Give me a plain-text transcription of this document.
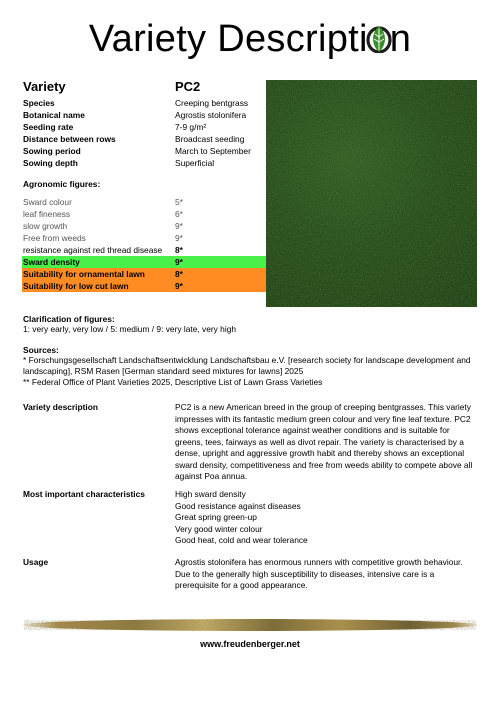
Variety Descripti n
Variety	PC2
Species	Creeping bentgrass
Botanical name	Agrostis stolonifera
Seeding rate	7-9 g/m²
Distance between rows	Broadcast seeding
Sowing period	March to September
Sowing depth	Superficial
Agronomic figures:
Sward colour	5*
leaf fineness	6*
slow growth	9*
Free from weeds	9*
resistance against red thread disease 8*
Sward density	9*
Suitability for ornamental lawn	8*
Suitability for low cut lawn	9*
Clarification of figures:
1: very early, very low / 5: medium / 9: very late, very high
Sources:
* Forschungsgesellschaft Landschaftsentwicklung Landschaftsbau e.V. [research society for landscape development and
landscaping], RSM Rasen [German standard seed mixtures for lawns] 2025
** Federal Office of Plant Varieties 2025, Descriptive List of Lawn Grass Varieties
Variety description	PC2 is a new American breed in the group of creeping bentgrasses. This variety
impresses with its fantastic medium green colour and very fine leaf texture. PC2
shows exceptional tolerance against weather conditions and is suitable for
greens, tees, fairways as well as divot repair. The variety is characterised by a
dense, upright and aggressive growth habit and thereby shows an exceptional
sward density, competitiveness and free from weeds ability to compete above all
against Poa annua.
Most important characteristics	High sward density
Good resistance against diseases
Great spring green-up
Very good winter colour
Good heat, cold and wear tolerance
Usage	Agrostis stolonifera has enormous runners with competitive growth behaviour.
Due to the generally high susceptibility to diseases, intensive care is a
prerequisite for a good appearance.
www.freudenberger.net
